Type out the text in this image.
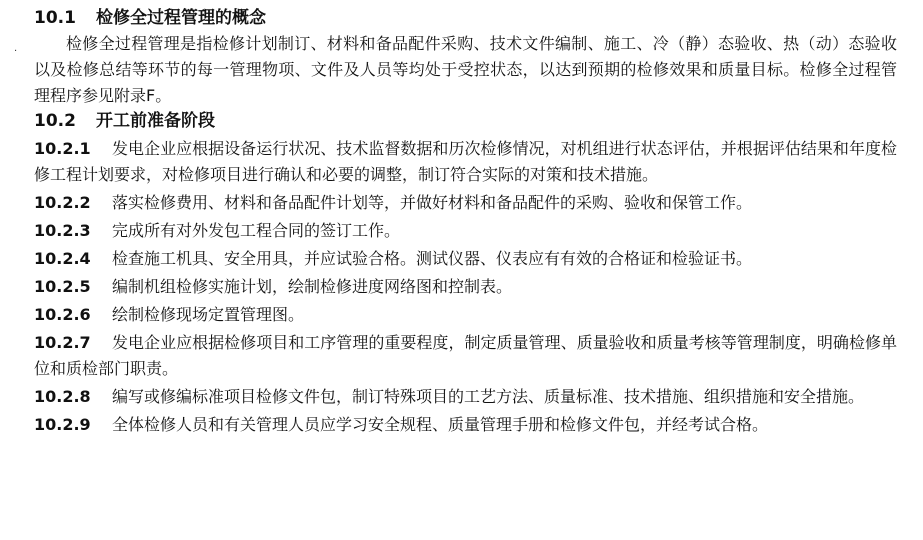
·
10.1 检修全过程管理的概念
检修全过程管理是指检修计划制订、材料和备品配件采购、技术文件编制、施工、冷（静）态验收、热（动）态验收以及检修总结等环节的每一管理物项、文件及人员等均处于受控状态，以达到预期的检修效果和质量目标。检修全过程管理程序参见附录F。
10.2 开工前准备阶段
10.2.1 发电企业应根据设备运行状况、技术监督数据和历次检修情况，对机组进行状态评估，并根据评估结果和年度检修工程计划要求，对检修项目进行确认和必要的调整，制订符合实际的对策和技术措施。
10.2.2 落实检修费用、材料和备品配件计划等，并做好材料和备品配件的采购、验收和保管工作。
10.2.3 完成所有对外发包工程合同的签订工作。
10.2.4 检查施工机具、安全用具，并应试验合格。测试仪器、仪表应有有效的合格证和检验证书。
10.2.5 编制机组检修实施计划，绘制检修进度网络图和控制表。
10.2.6 绘制检修现场定置管理图。
10.2.7 发电企业应根据检修项目和工序管理的重要程度，制定质量管理、质量验收和质量考核等管理制度，明确检修单位和质检部门职责。
10.2.8 编写或修编标准项目检修文件包，制订特殊项目的工艺方法、质量标准、技术措施、组织措施和安全措施。
10.2.9 全体检修人员和有关管理人员应学习安全规程、质量管理手册和检修文件包，并经考试合格。
